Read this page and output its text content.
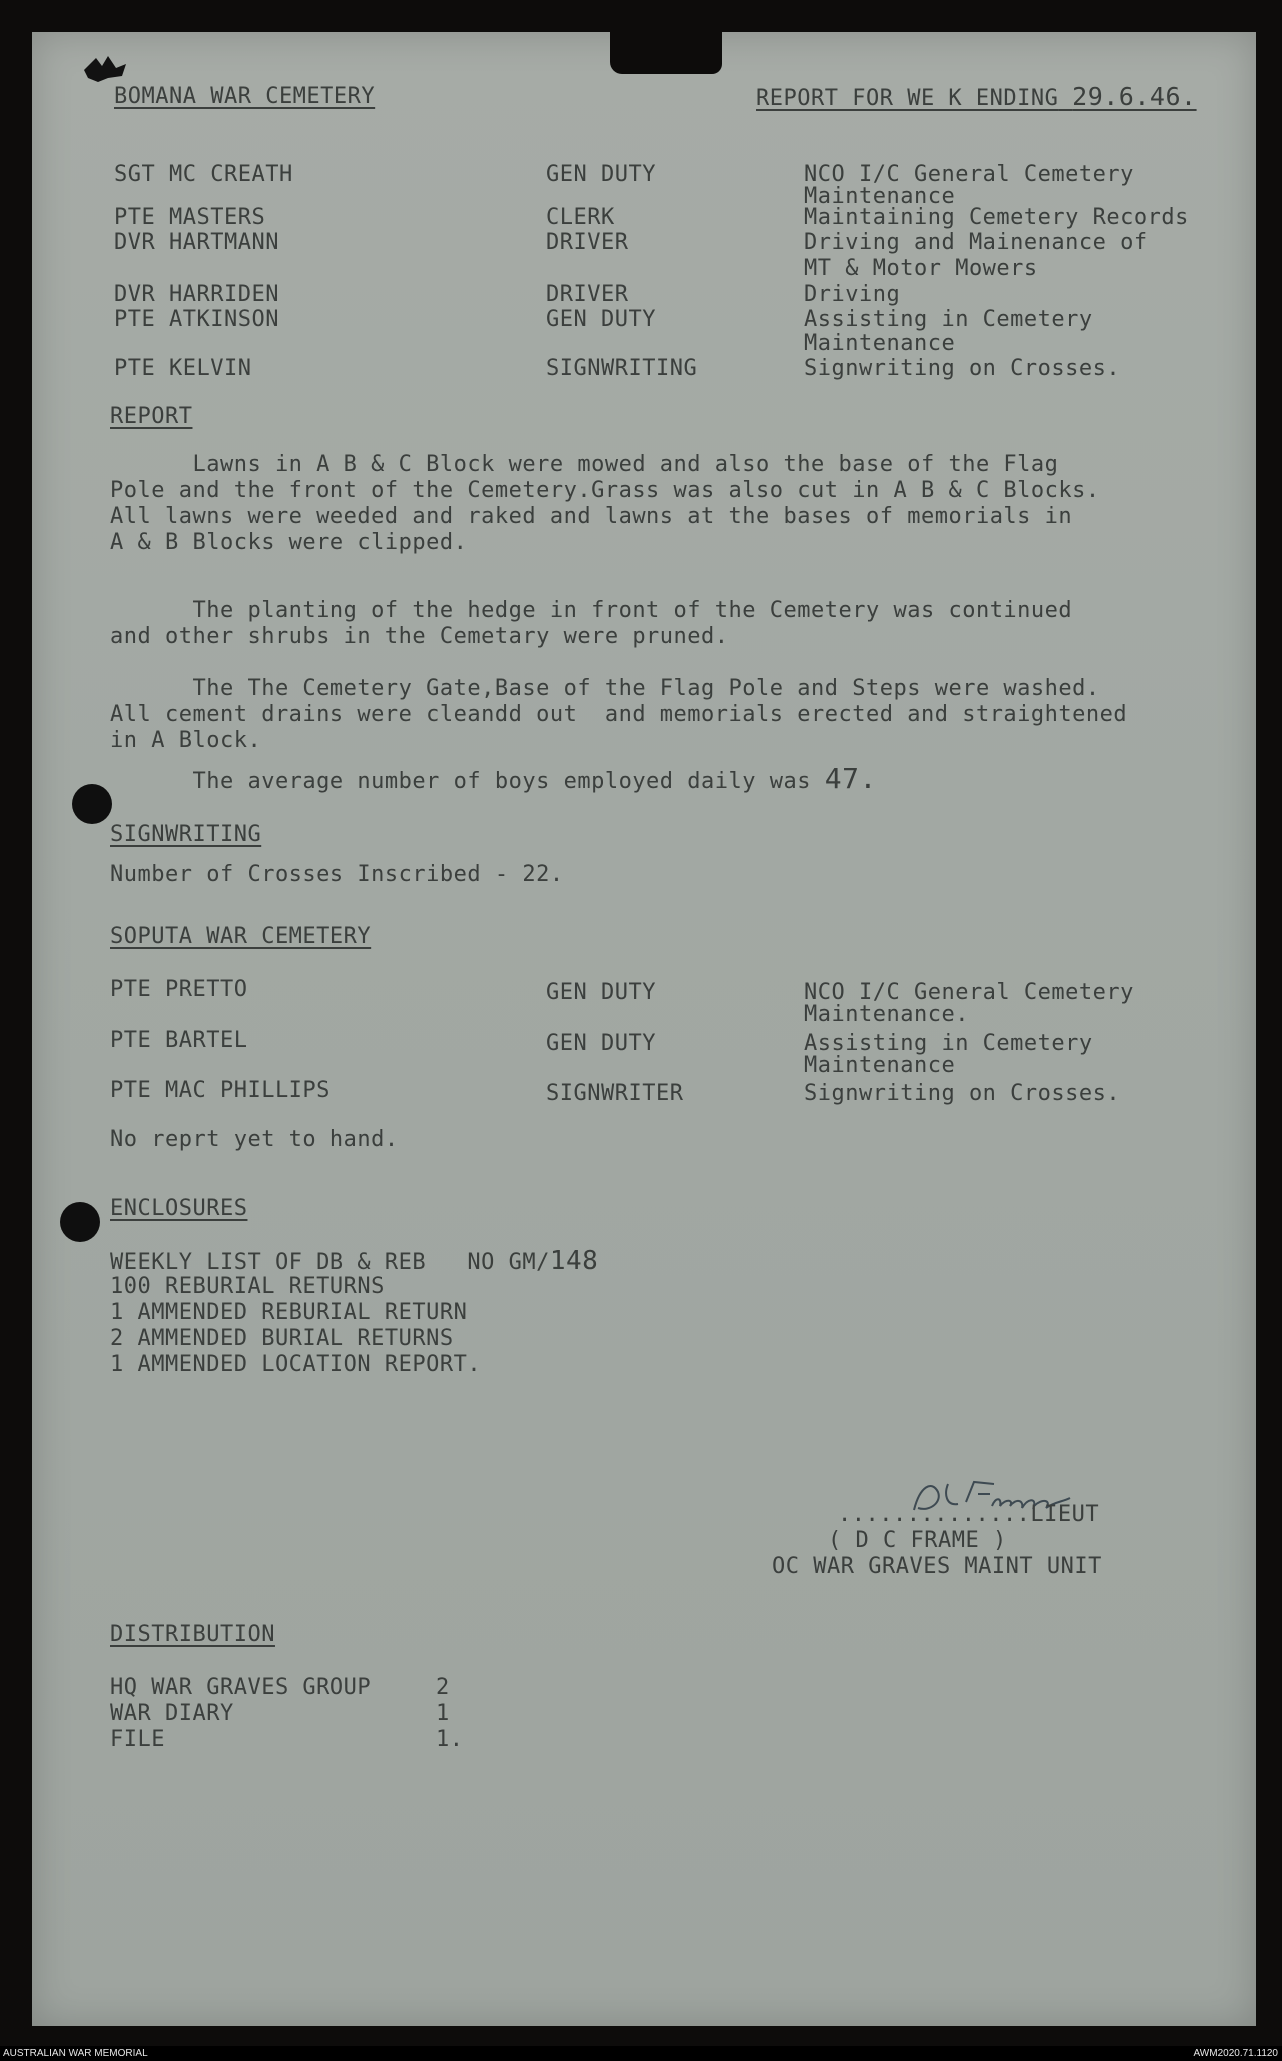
BOMANA WAR CEMETERY	REPORT FOR WE K ENDING 29.6.46.
SGT MC CREATH	GEN DUTY	NCO I/C General Cemetery
Maintenance
PTE MASTERS	CLERK	Maintaining Cemetery Records
DVR HARTMANN	DRIVER	Driving and Mainenance of
MT & Motor Mowers
DVR HARRIDEN	DRIVER	Driving
PTE ATKINSON	GEN DUTY	Assisting in Cemetery
Maintenance
PTE KELVIN	SIGNWRITING	Signwriting on Crosses.
REPORT
Lawns in A B & C Block were mowed and also the base of the Flag
Pole and the front of the Cemetery.Grass was also cut in A B & C Blocks.
All lawns were weeded and raked and lawns at the bases of memorials in
A & B Blocks were clipped.
The planting of the hedge in front of the Cemetery was continued
and other shrubs in the Cemetary were pruned.
The The Cemetery Gate,Base of the Flag Pole and Steps were washed.
All cement drains were cleandd out  and memorials erected and straightened
in A Block.
The average number of boys employed daily was 47.
SIGNWRITING
Number of Crosses Inscribed - 22.
SOPUTA WAR CEMETERY
PTE PRETTO	GEN DUTY	NCO I/C General Cemetery
Maintenance.
PTE BARTEL	GEN DUTY	Assisting in Cemetery
Maintenance
PTE MAC PHILLIPS	SIGNWRITER	Signwriting on Crosses.
No reprt yet to hand.
ENCLOSURES
WEEKLY LIST OF DB & REB   NO GM/148
100 REBURIAL RETURNS
1 AMMENDED REBURIAL RETURN
2 AMMENDED BURIAL RETURNS
1 AMMENDED LOCATION REPORT.
..............LIEUT
( D C FRAME )
OC WAR GRAVES MAINT UNIT
DISTRIBUTION
HQ WAR GRAVES GROUP	2
WAR DIARY	1
FILE	1.
AUSTRALIAN WAR MEMORIAL	AWM2020.71.1120
